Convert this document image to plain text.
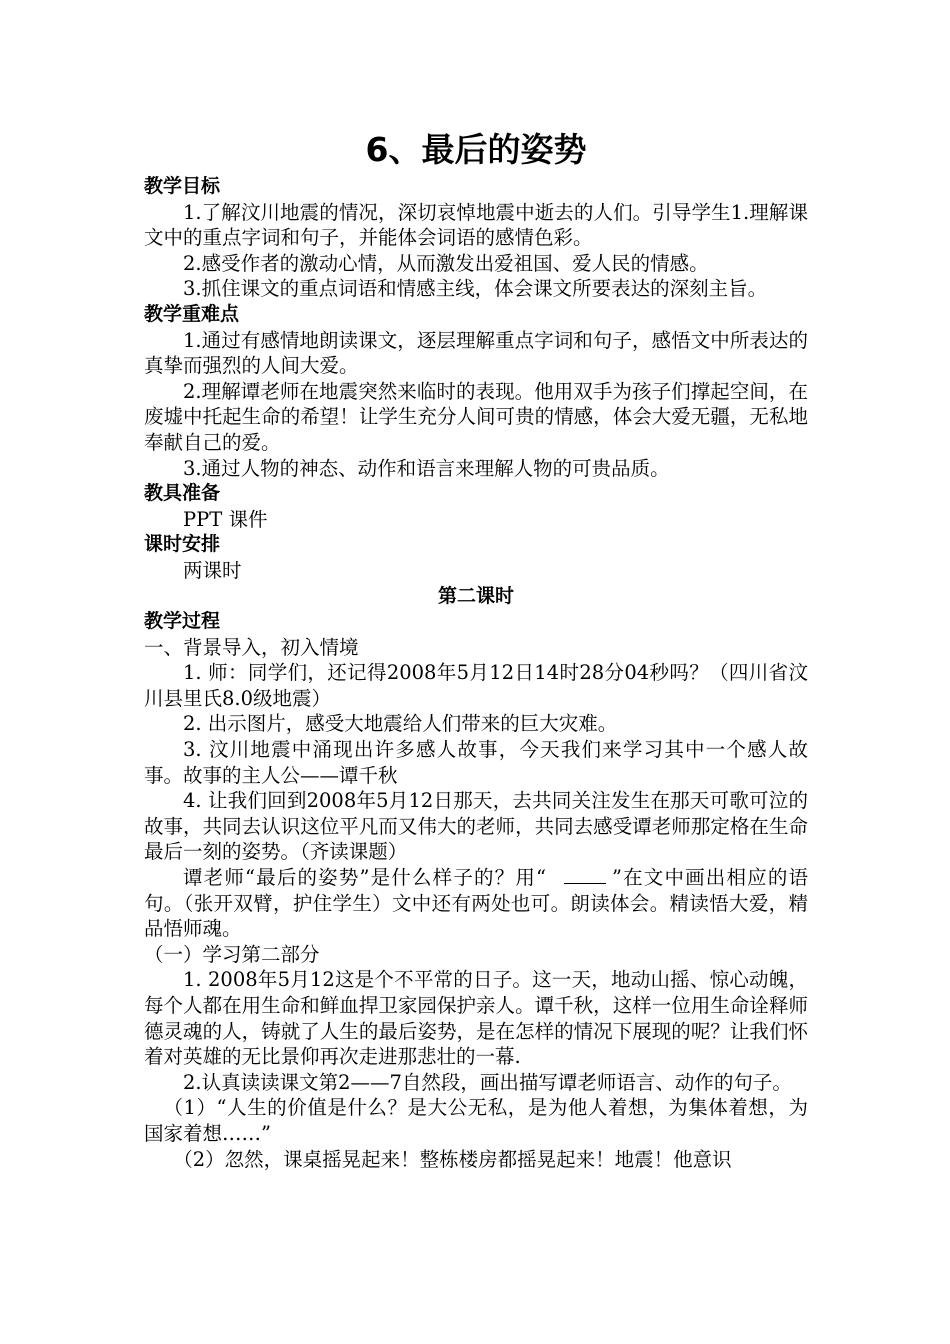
6、最后的姿势
教学目标
1.了解汶川地震的情况，深切哀悼地震中逝去的人们。引导学生1.理解课文中的重点字词和句子，并能体会词语的感情色彩。
2.感受作者的激动心情，从而激发出爱祖国、爱人民的情感。
3.抓住课文的重点词语和情感主线，体会课文所要表达的深刻主旨。
教学重难点
1.通过有感情地朗读课文，逐层理解重点字词和句子，感悟文中所表达的真挚而强烈的人间大爱。
2.理解谭老师在地震突然来临时的表现。他用双手为孩子们撑起空间，在废墟中托起生命的希望！让学生充分人间可贵的情感，体会大爱无疆，无私地奉献自己的爱。
3.通过人物的神态、动作和语言来理解人物的可贵品质。
教具准备
PPT 课件
课时安排
两课时
第二课时
教学过程
一、背景导入，初入情境
1. 师：同学们，还记得2008年5月12日14时28分04秒吗？（四川省汶川县里氏8.0级地震）
2. 出示图片，感受大地震给人们带来的巨大灾难。
3. 汶川地震中涌现出许多感人故事，今天我们来学习其中一个感人故事。故事的主人公——谭千秋
4. 让我们回到2008年5月12日那天，去共同关注发生在那天可歌可泣的故事，共同去认识这位平凡而又伟大的老师，共同去感受谭老师那定格在生命最后一刻的姿势。（齐读课题）
谭老师“最后的姿势”是什么样子的？用“	”在文中画出相应的语句。（张开双臂，护住学生）文中还有两处也可。朗读体会。精读悟大爱，精品悟师魂。
（一）学习第二部分
1. 2008年5月12这是个不平常的日子。这一天，地动山摇、惊心动魄，每个人都在用生命和鲜血捍卫家园保护亲人。谭千秋，这样一位用生命诠释师德灵魂的人，铸就了人生的最后姿势，是在怎样的情况下展现的呢？让我们怀着对英雄的无比景仰再次走进那悲壮的一幕.
2.认真读读课文第2——7自然段，画出描写谭老师语言、动作的句子。
（1）“人生的价值是什么？是大公无私，是为他人着想，为集体着想，为国家着想……”
（2）忽然，课桌摇晃起来！整栋楼房都摇晃起来！地震！他意识
